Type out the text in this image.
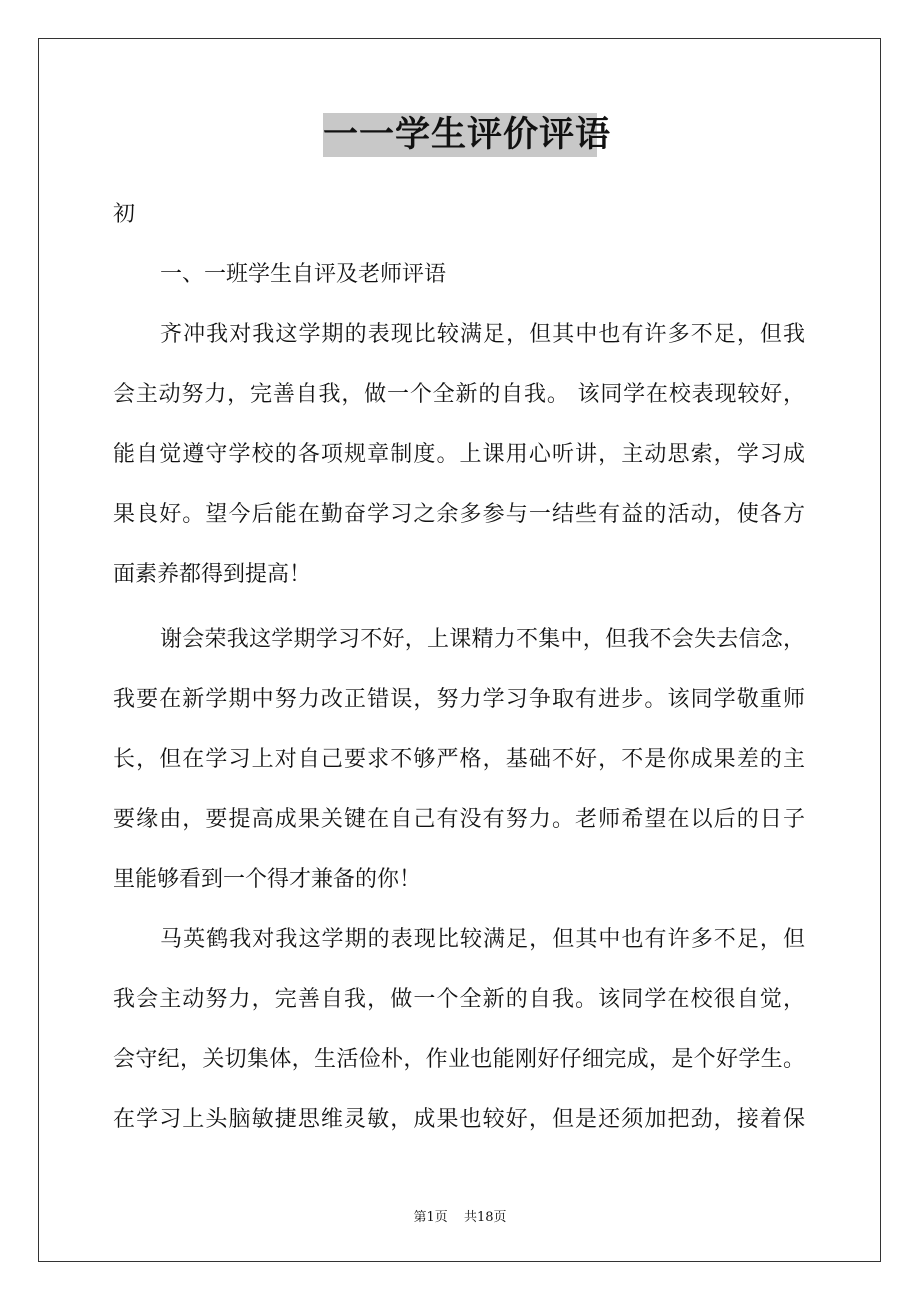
一一学生评价评语
初
一、一班学生自评及老师评语
齐冲我对我这学期的表现比较满足，但其中也有许多不足，但我
会主动努力，完善自我，做一个全新的自我。 该同学在校表现较好，
能自觉遵守学校的各项规章制度。上课用心听讲，主动思索，学习成
果良好。望今后能在勤奋学习之余多参与一结些有益的活动，使各方
面素养都得到提高！
谢会荣我这学期学习不好，上课精力不集中，但我不会失去信念，
我要在新学期中努力改正错误，努力学习争取有进步。该同学敬重师
长，但在学习上对自己要求不够严格，基础不好，不是你成果差的主
要缘由，要提高成果关键在自己有没有努力。老师希望在以后的日子
里能够看到一个得才兼备的你！
马英鹤我对我这学期的表现比较满足，但其中也有许多不足，但
我会主动努力，完善自我，做一个全新的自我。该同学在校很自觉，
会守纪，关切集体，生活俭朴，作业也能刚好仔细完成，是个好学生。
在学习上头脑敏捷思维灵敏，成果也较好，但是还须加把劲，接着保
第1页 共18页
